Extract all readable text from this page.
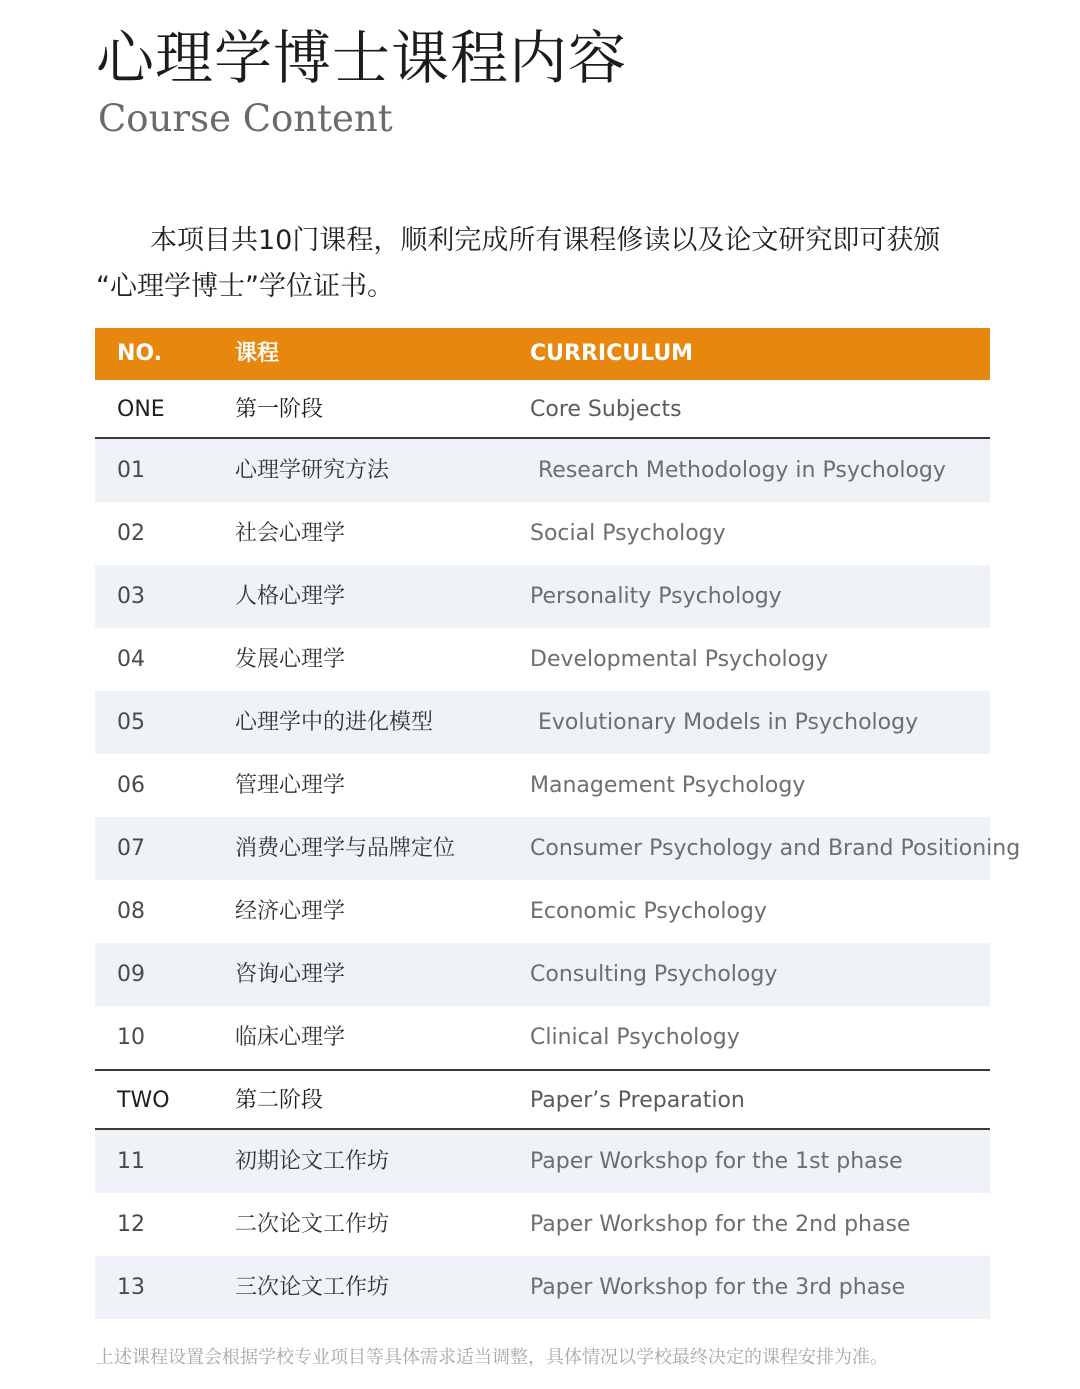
心理学博士课程内容
Course Content

本项目共10门课程，顺利完成所有课程修读以及论文研究即可获颁

“心理学博士”学位证书。

NO.	课程	CURRICULUM
ONE	第一阶段	Core Subjects
01	心理学研究方法	Research Methodology in Psychology
02	社会心理学	Social Psychology
03	人格心理学	Personality Psychology
04	发展心理学	Developmental Psychology
05	心理学中的进化模型	Evolutionary Models in Psychology
06	管理心理学	Management Psychology
07	消费心理学与品牌定位	Consumer Psychology and Brand Positioning
08	经济心理学	Economic Psychology
09	咨询心理学	Consulting Psychology
10	临床心理学	Clinical Psychology
TWO	第二阶段	Paper’s Preparation
11	初期论文工作坊	Paper Workshop for the 1st phase
12	二次论文工作坊	Paper Workshop for the 2nd phase
13	三次论文工作坊	Paper Workshop for the 3rd phase
上述课程设置会根据学校专业项目等具体需求适当调整，具体情况以学校最终决定的课程安排为准。
